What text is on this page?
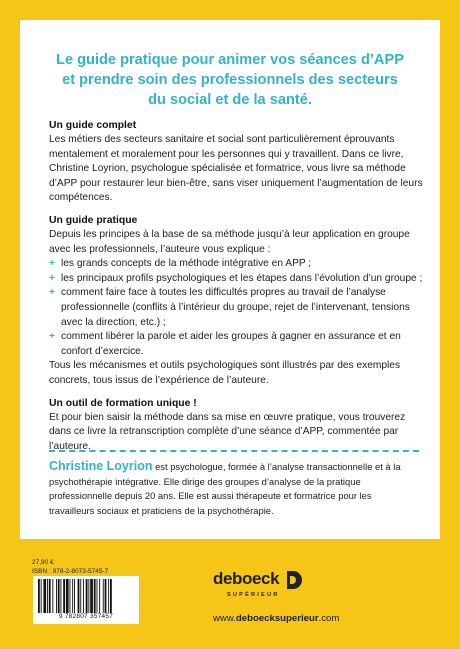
Le guide pratique pour animer vos séances d’APP
et prendre soin des professionnels des secteurs
du social et de la santé.

Un guide complet

Les métiers des secteurs sanitaire et social sont particulièrement éprouvants mentalement et moralement pour les personnes qui y travaillent. Dans ce livre, Christine Loyrion, psychologue spécialisée et formatrice, vous livre sa méthode d’APP pour restaurer leur bien-être, sans viser uniquement l’augmentation de leurs compétences.

Un guide pratique

Depuis les principes à la base de sa méthode jusqu’à leur application en groupe avec les professionnels, l’auteure vous explique :

+ les grands concepts de la méthode intégrative en APP ;
+ les principaux profils psychologiques et les étapes dans l’évolution d’un groupe ;
+ comment faire face à toutes les difficultés propres au travail de l’analyse professionnelle (conflits à l’intérieur du groupe, rejet de l’intervenant, tensions avec la direction, etc.) ;
+ comment libérer la parole et aider les groupes à gagner en assurance et en confort d’exercice.

Tous les mécanismes et outils psychologiques sont illustrés par des exemples concrets, tous issus de l’expérience de l’auteure.

Un outil de formation unique !

Et pour bien saisir la méthode dans sa mise en œuvre pratique, vous trouverez dans ce livre la retranscription complète d’une séance d’APP, commentée par l’auteure.

Christine Loyrion est psychologue, formée à l’analyse transactionnelle et à la psychothérapie intégrative. Elle dirige des groupes d’analyse de la pratique professionnelle depuis 20 ans. Elle est aussi thérapeute et formatrice pour les travailleurs sociaux et praticiens de la psychothérapie.
27,90 €
ISBN : 978-2-8073-5745-7
9 782807 357457
deboeck
SUPÉRIEUR
www.deboecksuperieur.com
